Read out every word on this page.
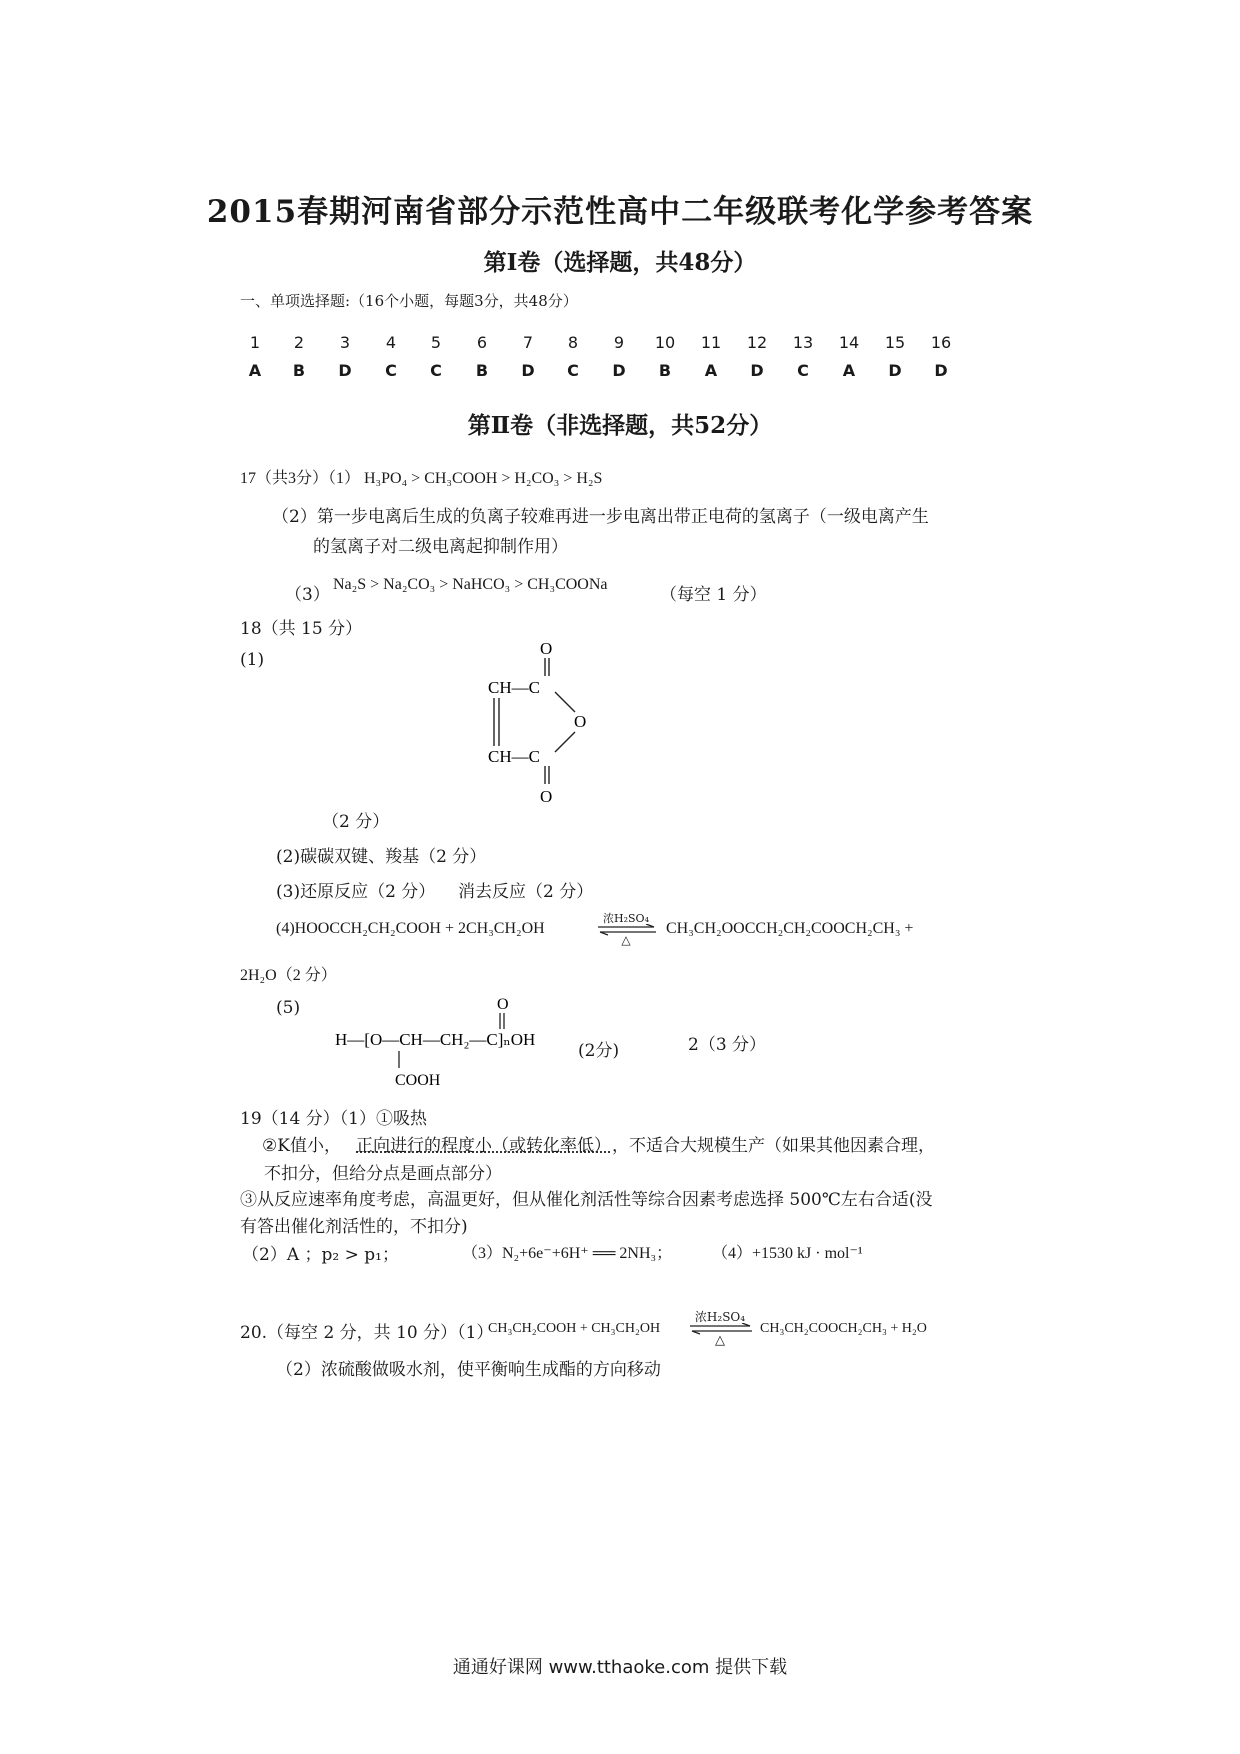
2015春期河南省部分示范性高中二年级联考化学参考答案
第Ⅰ卷（选择题，共48分）
一、单项选择题:（16个小题，每题3分，共48分）
1	2	3	4	5	6	7	8	9	10	11	12	13	14	15	16
A	B	D	C	C	B	D	C	D	B	A	D	C	A	D	D
第Ⅱ卷（非选择题，共52分）
17（共3分）（1） H₃PO₄ > CH₃COOH > H₂CO₃ > H₂S
（2）第一步电离后生成的负离子较难再进一步电离出带正电荷的氢离子（一级电离产生
的氢离子对二级电离起抑制作用）
（3）
Na₂S > Na₂CO₃ > NaHCO₃ > CH₃COONa
（每空 1 分）
18（共 15 分）
(1)
O
CH—C
O
CH—C
O
（2 分）
(2)碳碳双键、羧基（2 分）
(3)还原反应（2 分） 消去反应（2 分）
(4)HOOCCH₂CH₂COOH + 2CH₃CH₂OH
浓H₂SO₄
△
CH₃CH₂OOCCH₂CH₂COOCH₂CH₃ +
2H₂O（2 分）
(5)	O
H—[O—CH—CH₂—C]ₙOH
COOH
(2分)	2（3 分）
19（14 分）（1）①吸热
②K值小， 正向进行的程度小（或转化率低） ，不适合大规模生产（如果其他因素合理，
不扣分，但给分点是画点部分）
③从反应速率角度考虑，高温更好，但从催化剂活性等综合因素考虑选择 500℃左右合适(没
有答出催化剂活性的，不扣分)
（2）A ；p₂ > p₁；	（3）N₂+6e⁻+6H⁺ ══ 2NH₃； （4）+1530 kJ · mol⁻¹
20.（每空 2 分，共 10 分）（1）
CH₃CH₂COOH + CH₃CH₂OH
浓H₂SO₄
△
CH₃CH₂COOCH₂CH₃ + H₂O
（2）浓硫酸做吸水剂，使平衡响生成酯的方向移动
通通好课网 www.tthaoke.com 提供下载
